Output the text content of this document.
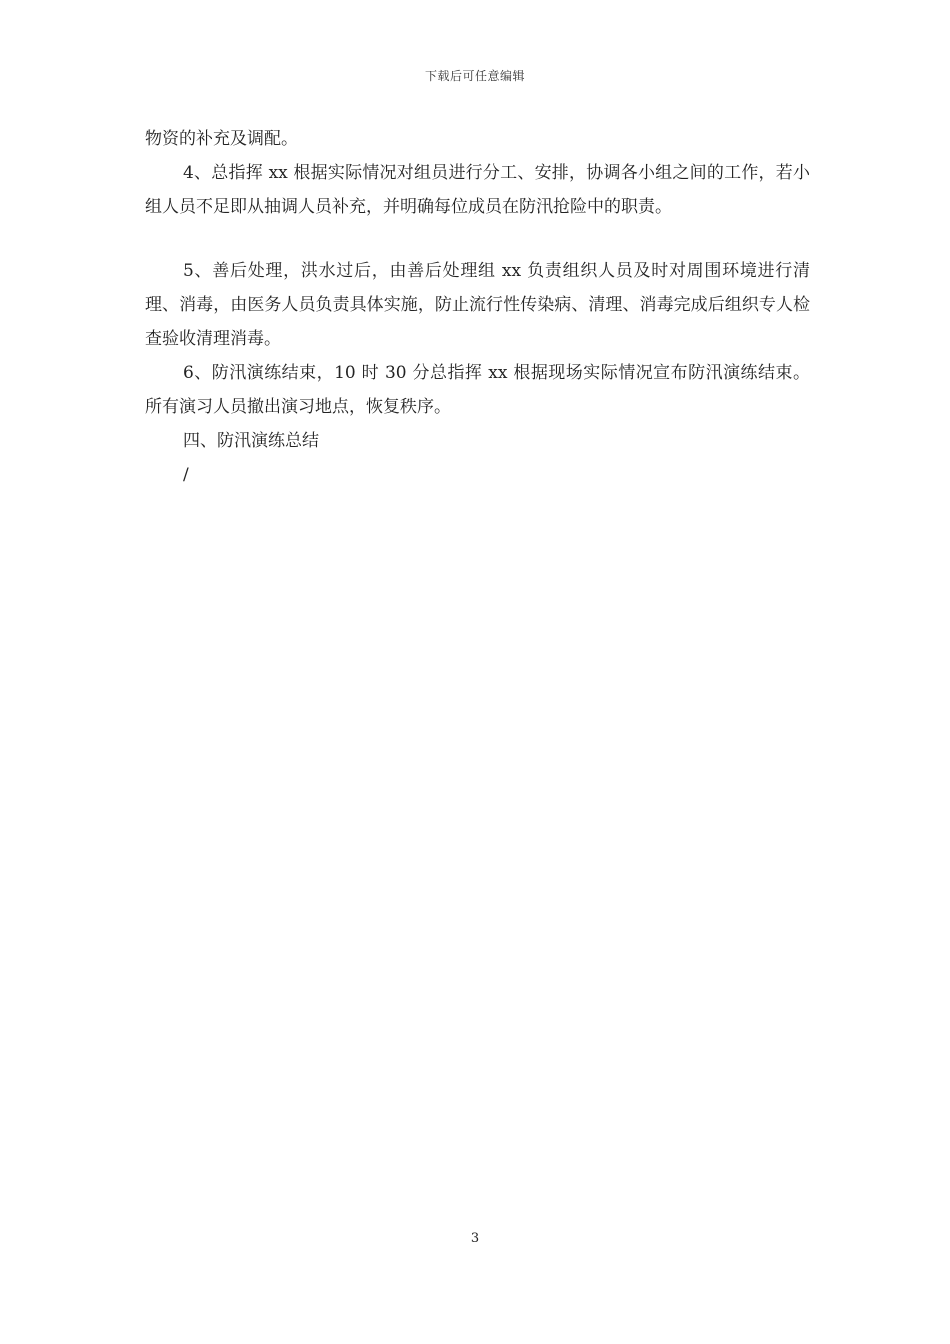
下载后可任意编辑

物资的补充及调配。

4、总指挥 xx 根据实际情况对组员进行分工、安排，协调各小组之间的工作，若小组人员不足即从抽调人员补充，并明确每位成员在防汛抢险中的职责。

5、善后处理，洪水过后，由善后处理组 xx 负责组织人员及时对周围环境进行清理、消毒，由医务人员负责具体实施，防止流行性传染病、清理、消毒完成后组织专人检查验收清理消毒。

6、防汛演练结束，10 时 30 分总指挥 xx 根据现场实际情况宣布防汛演练结束。所有演习人员撤出演习地点，恢复秩序。

四、防汛演练总结

/

3
